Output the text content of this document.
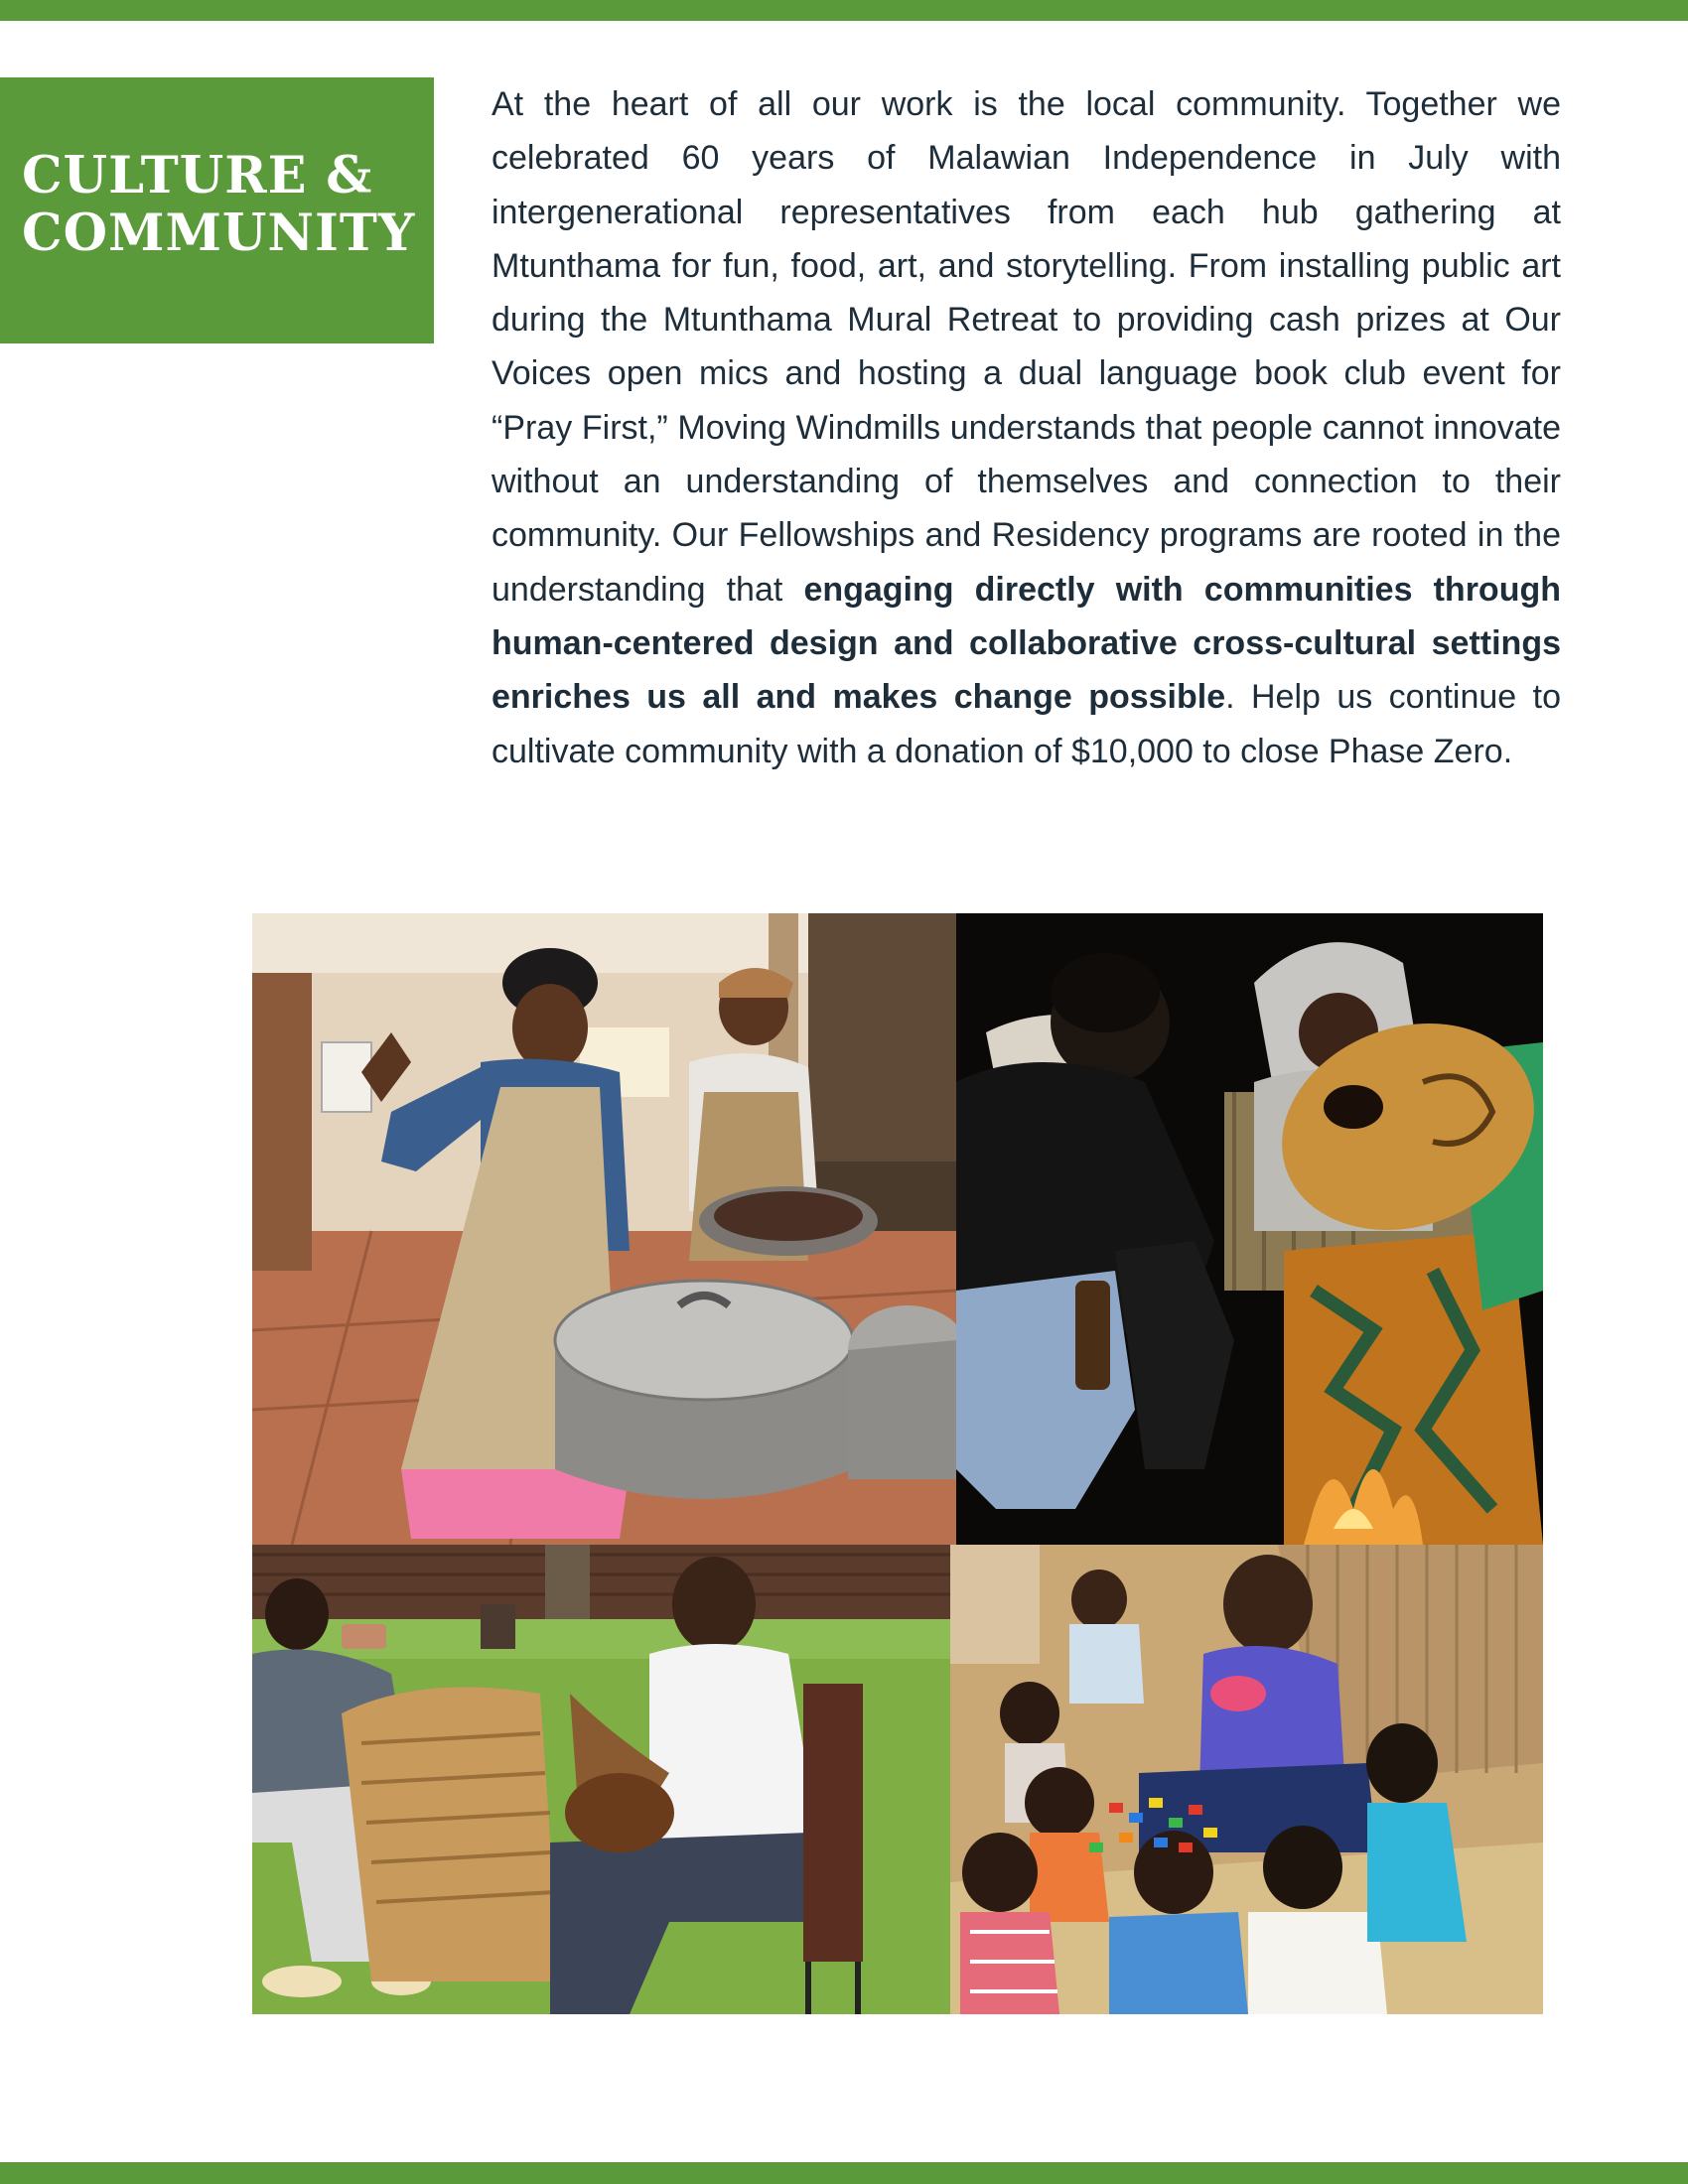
CULTURE &
COMMUNITY

At the heart of all our work is the local community. Together we celebrated 60 years of Malawian Independence in July with intergenerational representatives from each hub gathering at Mtunthama for fun, food, art, and storytelling. From installing public art during the Mtunthama Mural Retreat to providing cash prizes at Our Voices open mics and hosting a dual language book club event for “Pray First,” Moving Windmills understands that people cannot innovate without an understanding of themselves and connection to their community. Our Fellowships and Residency programs are rooted in the understanding that engaging directly with communities through human-centered design and collaborative cross-cultural settings enriches us all and makes change possible. Help us continue to cultivate community with a donation of $10,000 to close Phase Zero.
